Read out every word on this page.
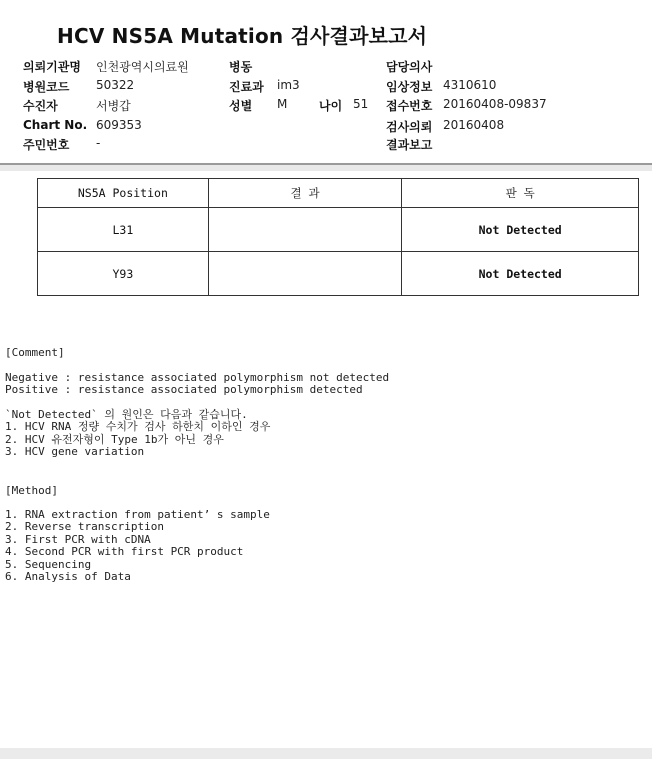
HCV NS5A Mutation 검사결과보고서
의뢰기관명 인천광역시의료원	병동	담당의사
병원코드 50322	진료과 im3	임상정보 4310610
수진자	서병갑	성별 M	나이 51 접수번호 20160408-09837
Chart No. 609353	검사의뢰 20160408
주민번호 -	결과보고
NS5A Position	결 과	판 독
L31		Not Detected
Y93		Not Detected
[Comment]
Negative : resistance associated polymorphism not detected
Positive : resistance associated polymorphism detected
`Not Detected` 의 원인은 다음과 같습니다.
1. HCV RNA 정량 수치가 검사 하한치 이하인 경우
2. HCV 유전자형이 Type 1b가 아닌 경우
3. HCV gene variation
[Method]
1. RNA extraction from patient’ s sample
2. Reverse transcription
3. First PCR with cDNA
4. Second PCR with first PCR product
5. Sequencing
6. Analysis of Data
